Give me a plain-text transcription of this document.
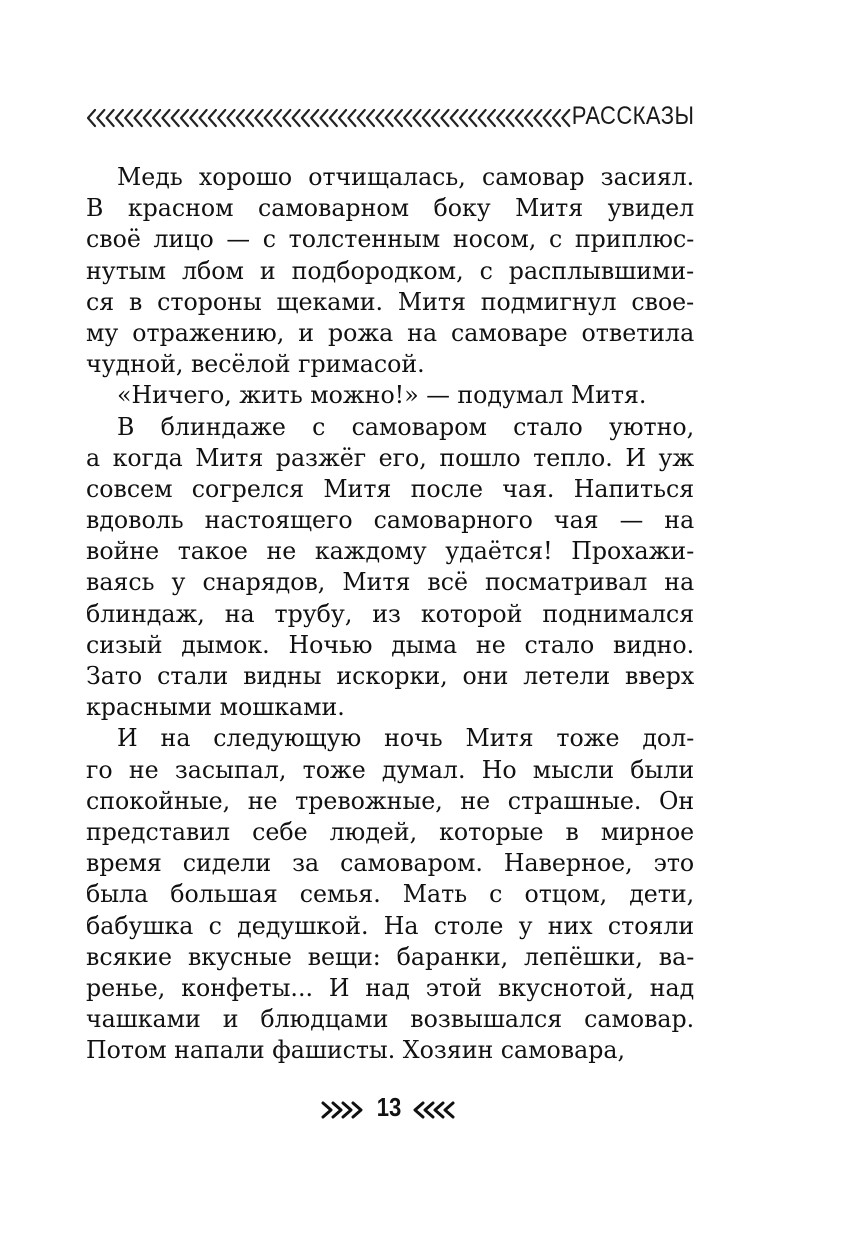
РАССКАЗЫ
Медь хорошо отчищалась, самовар засиял.
В красном самоварном боку Митя увидел
своё лицо — с толстенным носом, с приплюс-
нутым лбом и подбородком, с расплывшими-
ся в стороны щеками. Митя подмигнул свое-
му отражению, и рожа на самоваре ответила
чудной, весёлой гримасой.
«Ничего, жить можно!» — подумал Митя.
В блиндаже с самоваром стало уютно,
а когда Митя разжёг его, пошло тепло. И уж
совсем согрелся Митя после чая. Напиться
вдоволь настоящего самоварного чая — на
войне такое не каждому удаётся! Прохажи-
ваясь у снарядов, Митя всё посматривал на
блиндаж, на трубу, из которой поднимался
сизый дымок. Ночью дыма не стало видно.
Зато стали видны искорки, они летели вверх
красными мошками.
И на следующую ночь Митя тоже дол-
го не засыпал, тоже думал. Но мысли были
спокойные, не тревожные, не страшные. Он
представил себе людей, которые в мирное
время сидели за самоваром. Наверное, это
была большая семья. Мать с отцом, дети,
бабушка с дедушкой. На столе у них стояли
всякие вкусные вещи: баранки, лепёшки, ва-
ренье, конфеты... И над этой вкуснотой, над
чашками и блюдцами возвышался самовар.
Потом напали фашисты. Хозяин самовара,
13
